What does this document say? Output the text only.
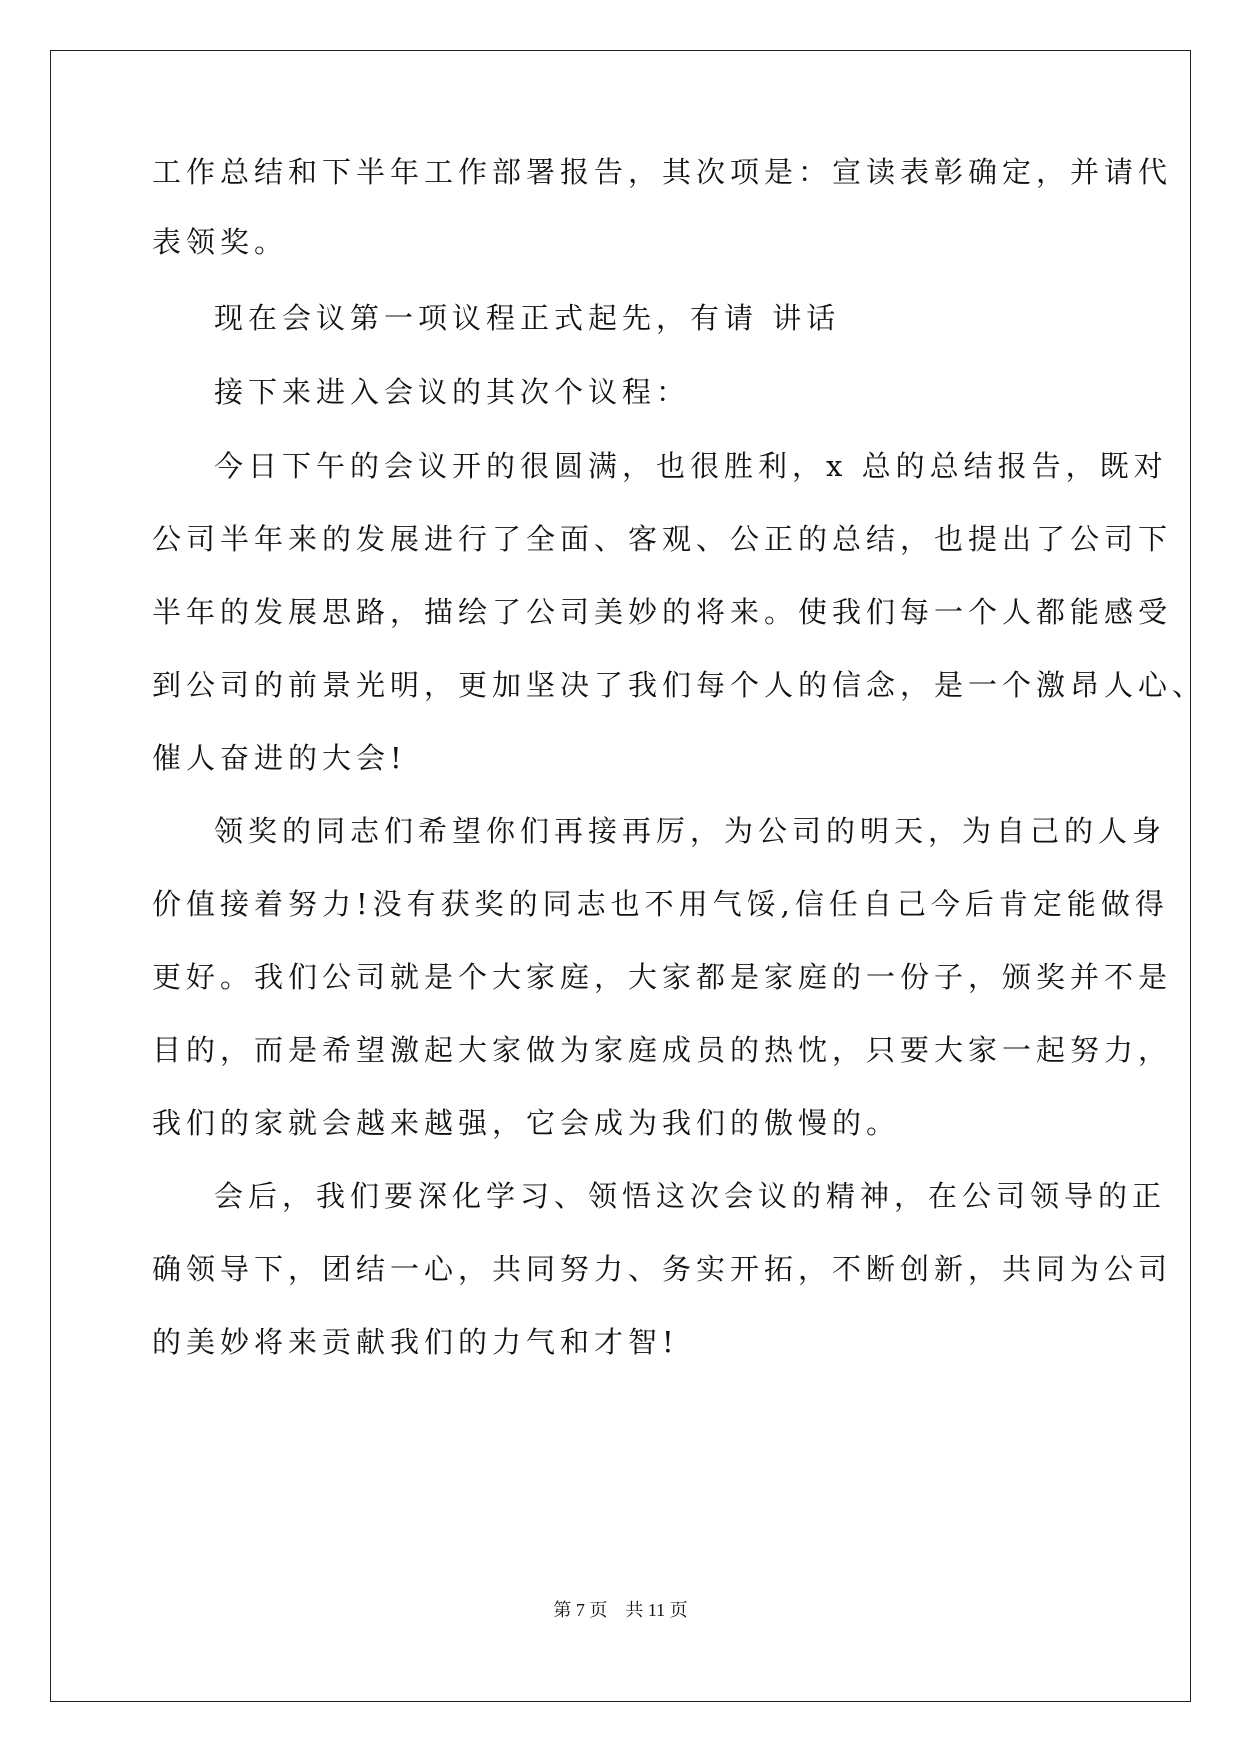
工作总结和下半年工作部署报告，其次项是：宣读表彰确定，并请代
表领奖。
现在会议第一项议程正式起先，有请 讲话
接下来进入会议的其次个议程：
今日下午的会议开的很圆满，也很胜利，x 总的总结报告，既对
公司半年来的发展进行了全面、客观、公正的总结，也提出了公司下
半年的发展思路，描绘了公司美妙的将来。使我们每一个人都能感受
到公司的前景光明，更加坚决了我们每个人的信念，是一个激昂人心、
催人奋进的大会!
领奖的同志们希望你们再接再厉，为公司的明天，为自己的人身
价值接着努力!没有获奖的同志也不用气馁,信任自己今后肯定能做得
更好。我们公司就是个大家庭，大家都是家庭的一份子，颁奖并不是
目的，而是希望激起大家做为家庭成员的热忱，只要大家一起努力，
我们的家就会越来越强，它会成为我们的傲慢的。
会后，我们要深化学习、领悟这次会议的精神，在公司领导的正
确领导下，团结一心，共同努力、务实开拓，不断创新，共同为公司
的美妙将来贡献我们的力气和才智!
第 7 页　共 11 页
